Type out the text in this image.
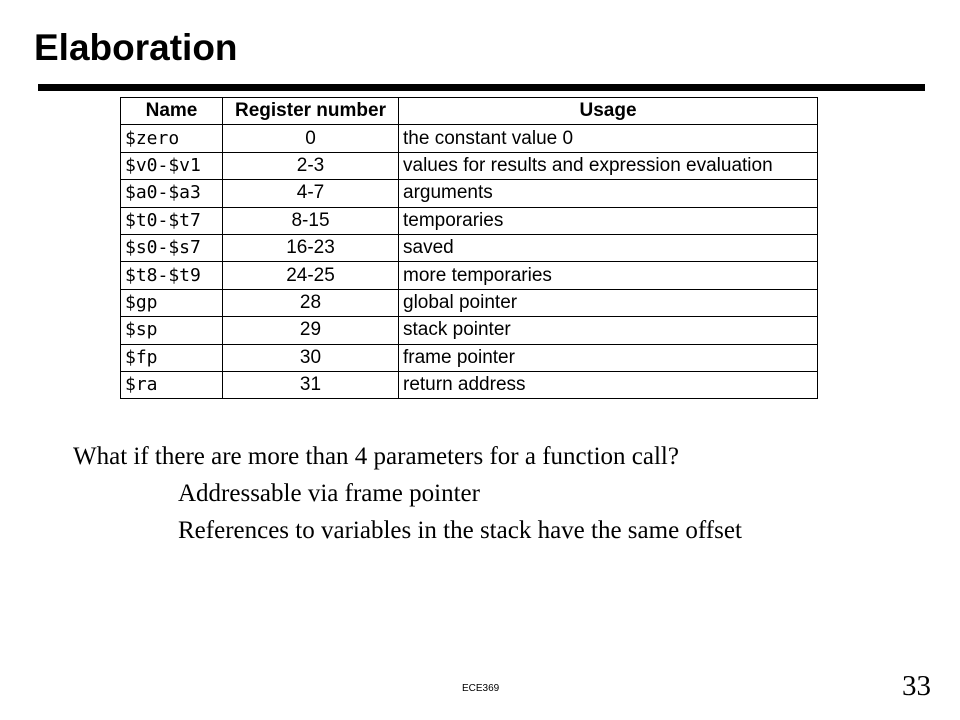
Elaboration
Name	Register number	Usage
$zero	0	the constant value 0
$v0-$v1	2-3	values for results and expression evaluation
$a0-$a3	4-7	arguments
$t0-$t7	8-15	temporaries
$s0-$s7	16-23	saved
$t8-$t9	24-25	more temporaries
$gp	28	global pointer
$sp	29	stack pointer
$fp	30	frame pointer
$ra	31	return address

What if there are more than 4 parameters for a function call?

Addressable via frame pointer

References to variables in the stack have the same offset

ECE369	33
